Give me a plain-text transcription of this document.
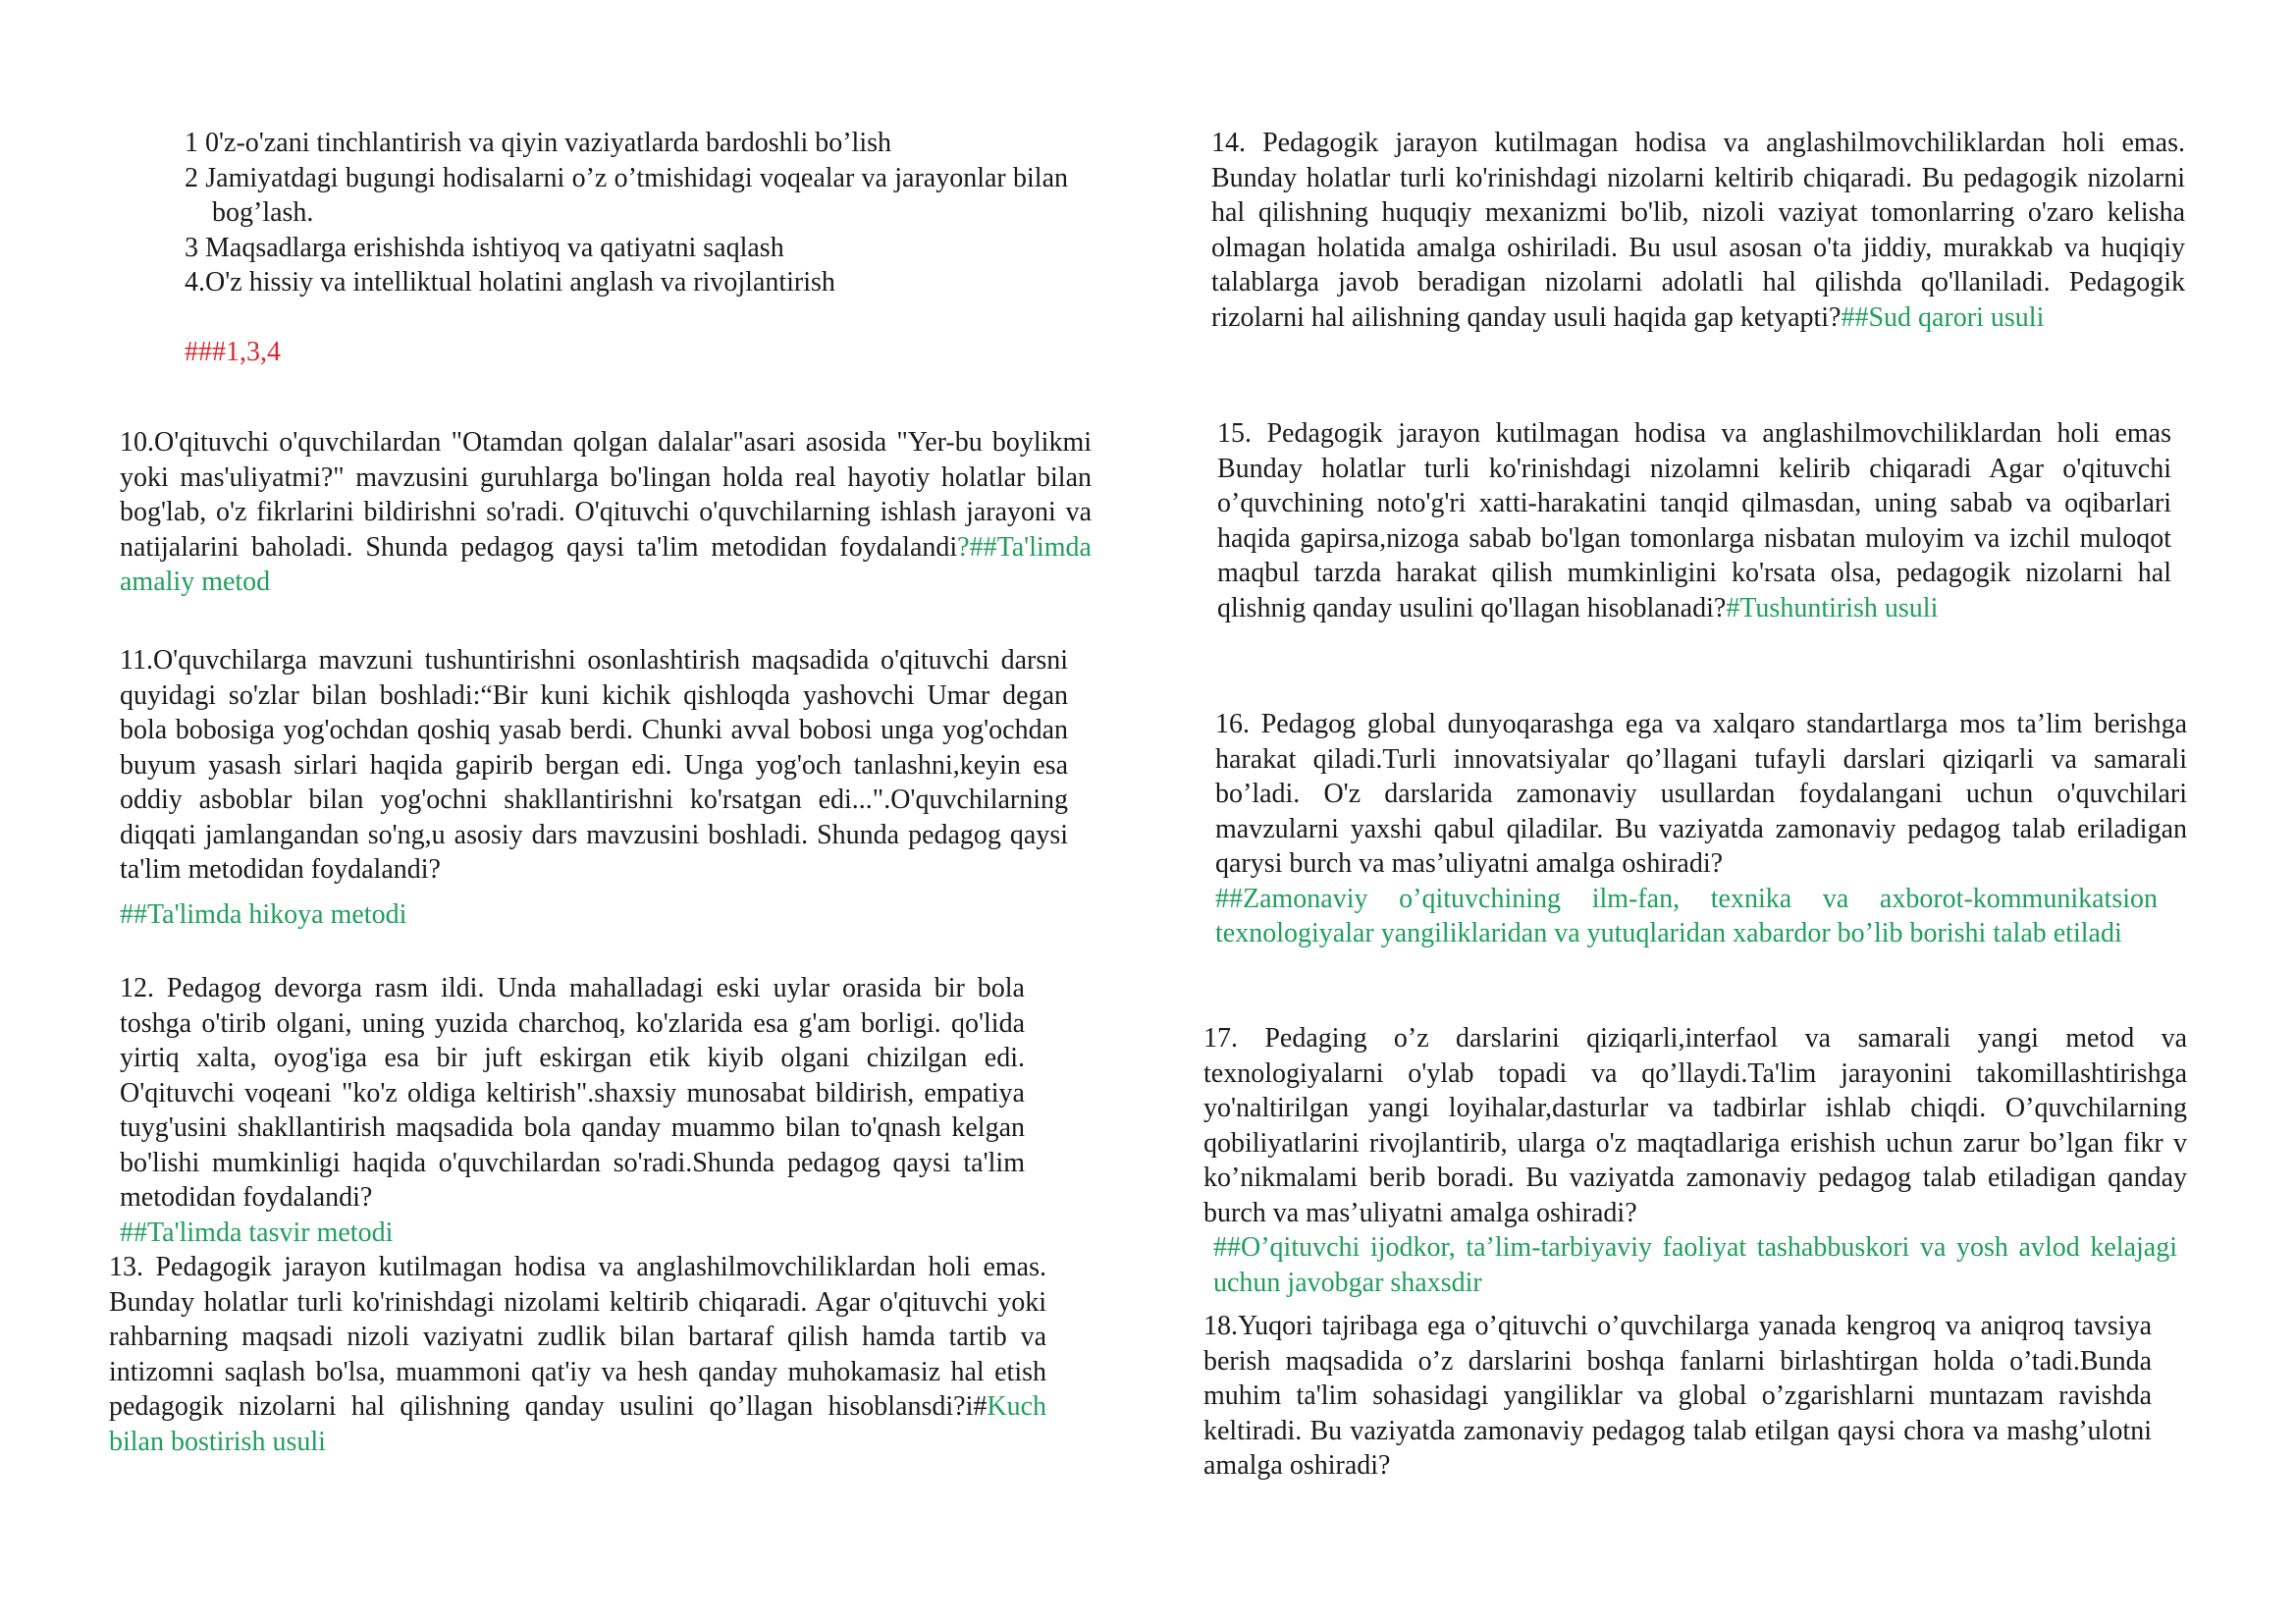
1 0'z-o'zani tinchlantirish va qiyin vaziyatlarda bardoshli bo’lish

2 Jamiyatdagi bugungi hodisalarni o’z o’tmishidagi voqealar va jarayonlar bilan bog’lash.

3 Maqsadlarga erishishda ishtiyoq va qatiyatni saqlash

4.O'z hissiy va intelliktual holatini anglash va rivojlantirish

###1,3,4

10.O'qituvchi o'quvchilardan "Otamdan qolgan dalalar"asari asosida "Yer-bu boylikmi yoki mas'uliyatmi?" mavzusini guruhlarga bo'lingan holda real hayotiy holatlar bilan bog'lab, o'z fikrlarini bildirishni so'radi. O'qituvchi o'quvchilarning ishlash jarayoni va natijalarini baholadi. Shunda pedagog qaysi ta'lim metodidan foydalandi?##Ta'limda amaliy metod

11.O'quvchilarga mavzuni tushuntirishni osonlashtirish maqsadida o'qituvchi darsni quyidagi so'zlar bilan boshladi:“Bir kuni kichik qishloqda yashovchi Umar degan bola bobosiga yog'ochdan qoshiq yasab berdi. Chunki avval bobosi unga yog'ochdan buyum yasash sirlari haqida gapirib bergan edi. Unga yog'och tanlashni,keyin esa oddiy asboblar bilan yog'ochni shakllantirishni ko'rsatgan edi...".O'quvchilarning diqqati jamlangandan so'ng,u asosiy dars mavzusini boshladi. Shunda pedagog qaysi ta'lim metodidan foydalandi?

##Ta'limda hikoya metodi

12. Pedagog devorga rasm ildi. Unda mahalladagi eski uylar orasida bir bola toshga o'tirib olgani, uning yuzida charchoq, ko'zlarida esa g'am borligi. qo'lida yirtiq xalta, oyog'iga esa bir juft eskirgan etik kiyib olgani chizilgan edi. O'qituvchi voqeani "ko'z oldiga keltirish".shaxsiy munosabat bildirish, empatiya tuyg'usini shakllantirish maqsadida bola qanday muammo bilan to'qnash kelgan bo'lishi mumkinligi haqida o'quvchilardan so'radi.Shunda pedagog qaysi ta'lim metodidan foydalandi?

##Ta'limda tasvir metodi

13. Pedagogik jarayon kutilmagan hodisa va anglashilmovchiliklardan holi emas. Bunday holatlar turli ko'rinishdagi nizolami keltirib chiqaradi. Agar o'qituvchi yoki rahbarning maqsadi nizoli vaziyatni zudlik bilan bartaraf qilish hamda tartib va intizomni saqlash bo'lsa, muammoni qat'iy va hesh qanday muhokamasiz hal etish pedagogik nizolarni hal qilishning qanday usulini qo’llagan hisoblansdi?i#Kuch bilan bostirish usuli

14. Pedagogik jarayon kutilmagan hodisa va anglashilmovchiliklardan holi emas. Bunday holatlar turli ko'rinishdagi nizolarni keltirib chiqaradi. Bu pedagogik nizolarni hal qilishning huquqiy mexanizmi bo'lib, nizoli vaziyat tomonlarring o'zaro kelisha olmagan holatida amalga oshiriladi. Bu usul asosan o'ta jiddiy, murakkab va huqiqiy talablarga javob beradigan nizolarni adolatli hal qilishda qo'llaniladi. Pedagogik rizolarni hal ailishning qanday usuli haqida gap ketyapti?##Sud qarori usuli

15. Pedagogik jarayon kutilmagan hodisa va anglashilmovchiliklardan holi emas Bunday holatlar turli ko'rinishdagi nizolamni kelirib chiqaradi Agar o'qituvchi o’quvchining noto'g'ri xatti-harakatini tanqid qilmasdan, uning sabab va oqibarlari haqida gapirsa,nizoga sabab bo'lgan tomonlarga nisbatan muloyim va izchil muloqot maqbul tarzda harakat qilish mumkinligini ko'rsata olsa, pedagogik nizolarni hal qlishnig qanday usulini qo'llagan hisoblanadi?#Tushuntirish usuli

16. Pedagog global dunyoqarashga ega va xalqaro standartlarga mos ta’lim berishga harakat qiladi.Turli innovatsiyalar qo’llagani tufayli darslari qiziqarli va samarali bo’ladi. O'z darslarida zamonaviy usullardan foydalangani uchun o'quvchilari mavzularni yaxshi qabul qiladilar. Bu vaziyatda zamonaviy pedagog talab eriladigan qarysi burch va mas’uliyatni amalga oshiradi?

##Zamonaviy o’qituvchining ilm-fan, texnika va axborot-kommunikatsion texnologiyalar yangiliklaridan va yutuqlaridan xabardor bo’lib borishi talab etiladi

17. Pedaging o’z darslarini qiziqarli,interfaol va samarali yangi metod va texnologiyalarni o'ylab topadi va qo’llaydi.Ta'lim jarayonini takomillashtirishga yo'naltirilgan yangi loyihalar,dasturlar va tadbirlar ishlab chiqdi. O’quvchilarning qobiliyatlarini rivojlantirib, ularga o'z maqtadlariga erishish uchun zarur bo’lgan fikr v ko’nikmalami berib boradi. Bu vaziyatda zamonaviy pedagog talab etiladigan qanday burch va mas’uliyatni amalga oshiradi?

##O’qituvchi ijodkor, ta’lim-tarbiyaviy faoliyat tashabbuskori va yosh avlod kelajagi uchun javobgar shaxsdir

18.Yuqori tajribaga ega o’qituvchi o’quvchilarga yanada kengroq va aniqroq tavsiya berish maqsadida o’z darslarini boshqa fanlarni birlashtirgan holda o’tadi.Bunda muhim ta'lim sohasidagi yangiliklar va global o’zgarishlarni muntazam ravishda keltiradi. Bu vaziyatda zamonaviy pedagog talab etilgan qaysi chora va mashg’ulotni amalga oshiradi?
